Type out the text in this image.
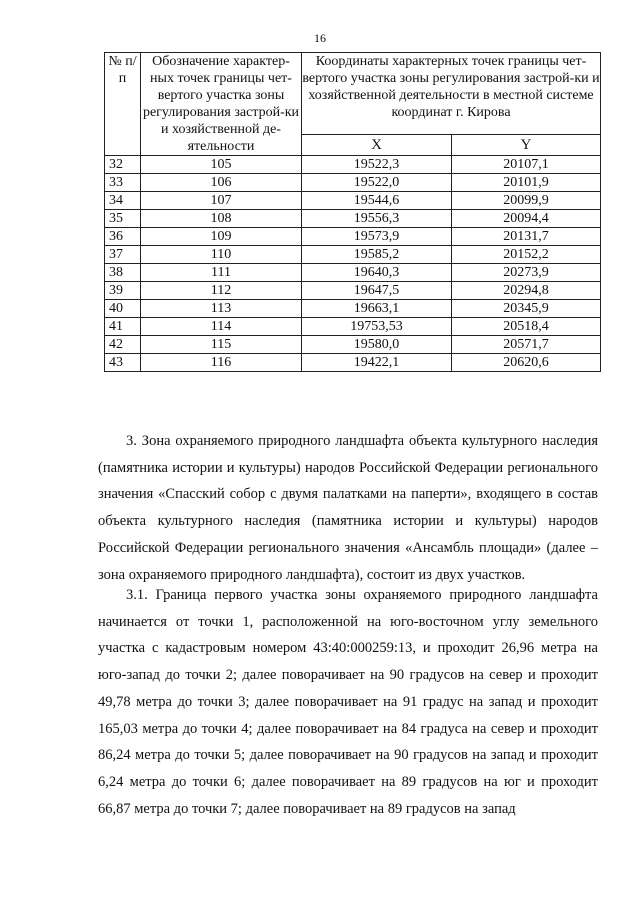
16
№ п/п	Обозначение характер-ных точек границы чет-вертого участка зоны регулирования застрой-ки и хозяйственной де-ятельности	Координаты характерных точек границы чет-вертого участка зоны регулирования застрой-ки и хозяйственной деятельности в местной системе координат г. Кирова	
		X	Y
32	105	19522,3	20107,1
33	106	19522,0	20101,9
34	107	19544,6	20099,9
35	108	19556,3	20094,4
36	109	19573,9	20131,7
37	110	19585,2	20152,2
38	111	19640,3	20273,9
39	112	19647,5	20294,8
40	113	19663,1	20345,9
41	114	19753,53	20518,4
42	115	19580,0	20571,7
43	116	19422,1	20620,6

3. Зона охраняемого природного ландшафта объекта культурного наследия (памятника истории и культуры) народов Российской Федерации регионального значения «Спасский собор с двумя палатками на паперти», входящего в состав объекта культурного наследия (памятника истории и культуры) народов Российской Федерации регионального значения «Ансамбль площади» (далее – зона охраняемого природного ландшафта), состоит из двух участков.

3.1. Граница первого участка зоны охраняемого природного ландшафта начинается от точки 1, расположенной на юго-восточном углу земельного участка с кадастровым номером 43:40:000259:13, и проходит 26,96 метра на юго-запад до точки 2; далее поворачивает на 90 градусов на север и проходит 49,78 метра до точки 3; далее поворачивает на 91 градус на запад и проходит 165,03 метра до точки 4; далее поворачивает на 84 градуса на север и проходит 86,24 метра до точки 5; далее поворачивает на 90 градусов на запад и проходит 6,24 метра до точки 6; далее поворачивает на 89 градусов на юг и проходит 66,87 метра до точки 7; далее поворачивает на 89 градусов на запад
